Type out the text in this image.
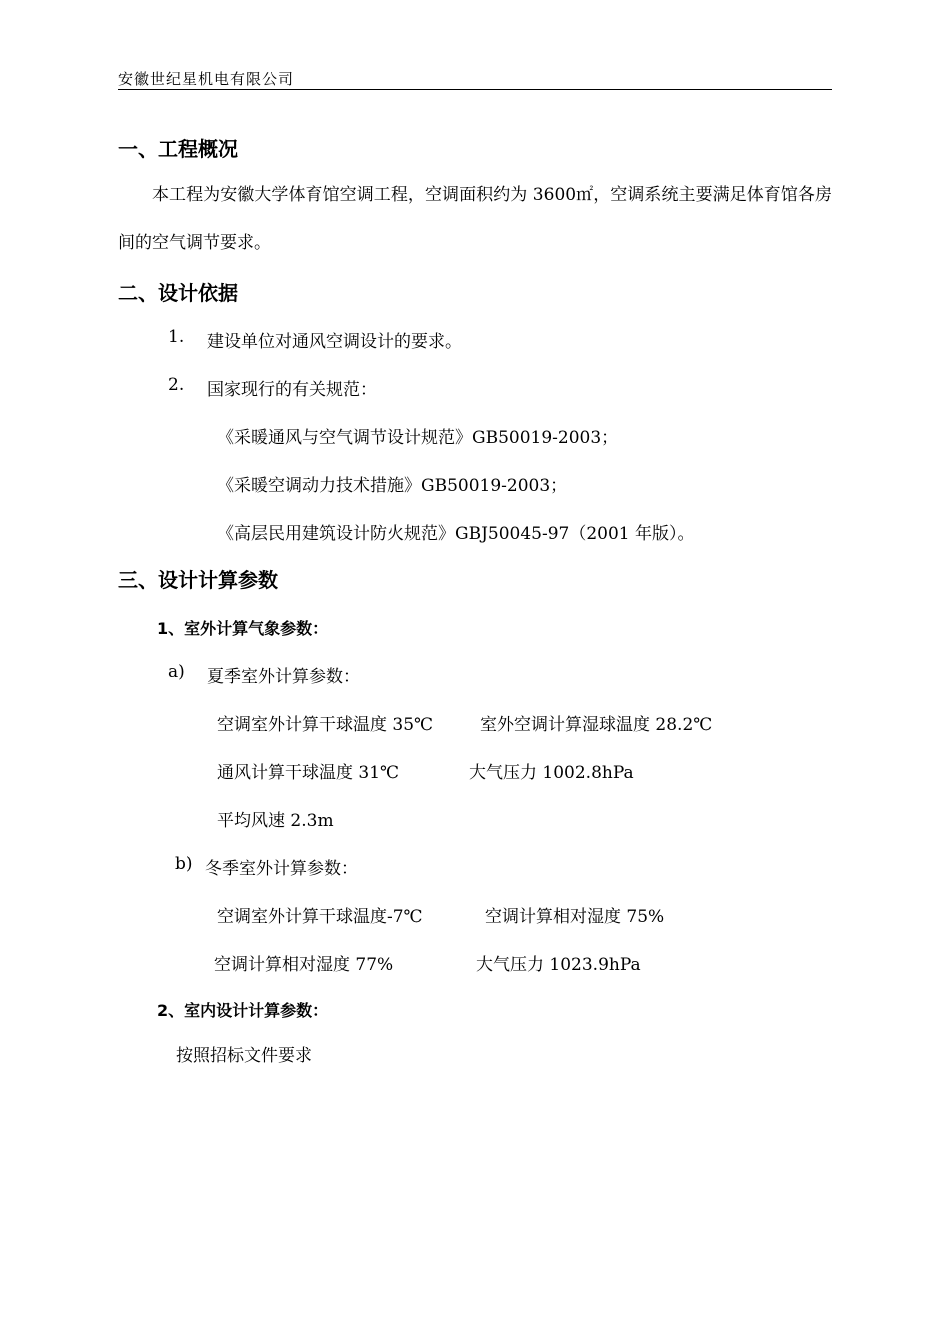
安徽世纪星机电有限公司
一、工程概况
本工程为安徽大学体育馆空调工程，空调面积约为 3600㎡，空调系统主要满足体育馆各房间的空气调节要求。
二、设计依据
1. 建设单位对通风空调设计的要求。
2. 国家现行的有关规范：
《采暖通风与空气调节设计规范》GB50019-2003；
《采暖空调动力技术措施》GB50019-2003；
《高层民用建筑设计防火规范》GBJ50045-97（2001 年版）。
三、设计计算参数
1、室外计算气象参数：
a) 夏季室外计算参数：
空调室外计算干球温度 35℃	室外空调计算湿球温度 28.2℃
通风计算干球温度 31℃	大气压力 1002.8hPa
平均风速 2.3m
b) 冬季室外计算参数：
空调室外计算干球温度-7℃	空调计算相对湿度 75%
空调计算相对湿度 77%	大气压力 1023.9hPa
2、室内设计计算参数：
按照招标文件要求
